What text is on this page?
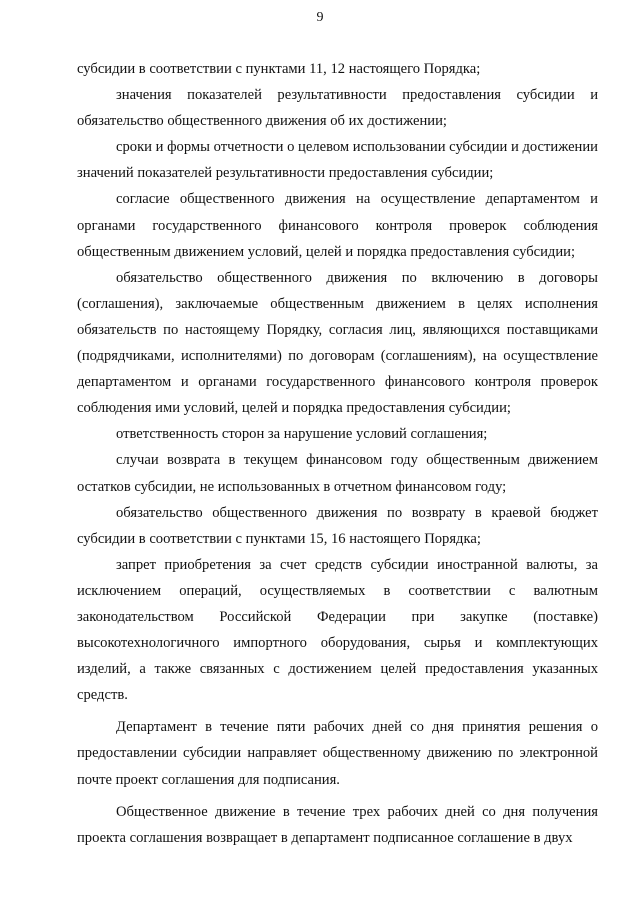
9

субсидии в соответствии с пунктами 11, 12 настоящего Порядка;

значения показателей результативности предоставления субсидии и обязательство общественного движения об их достижении;

сроки и формы отчетности о целевом использовании субсидии и достижении значений показателей результативности предоставления субсидии;

согласие общественного движения на осуществление департаментом и органами государственного финансового контроля проверок соблюдения общественным движением условий, целей и порядка предоставления субсидии;

обязательство общественного движения по включению в договоры (соглашения), заключаемые общественным движением в целях исполнения обязательств по настоящему Порядку, согласия лиц, являющихся поставщиками (подрядчиками, исполнителями) по договорам (соглашениям), на осуществление департаментом и органами государственного финансового контроля проверок соблюдения ими условий, целей и порядка предоставления субсидии;

ответственность сторон за нарушение условий соглашения;

случаи возврата в текущем финансовом году общественным движением остатков субсидии, не использованных в отчетном финансовом году;

обязательство общественного движения по возврату в краевой бюджет субсидии в соответствии с пунктами 15, 16 настоящего Порядка;

запрет приобретения за счет средств субсидии иностранной валюты, за исключением операций, осуществляемых в соответствии с валютным законодательством Российской Федерации при закупке (поставке) высокотехнологичного импортного оборудования, сырья и комплектующих изделий, а также связанных с достижением целей предоставления указанных средств.

Департамент в течение пяти рабочих дней со дня принятия решения о предоставлении субсидии направляет общественному движению по электронной почте проект соглашения для подписания.

Общественное движение в течение трех рабочих дней со дня получения проекта соглашения возвращает в департамент подписанное соглашение в двух
